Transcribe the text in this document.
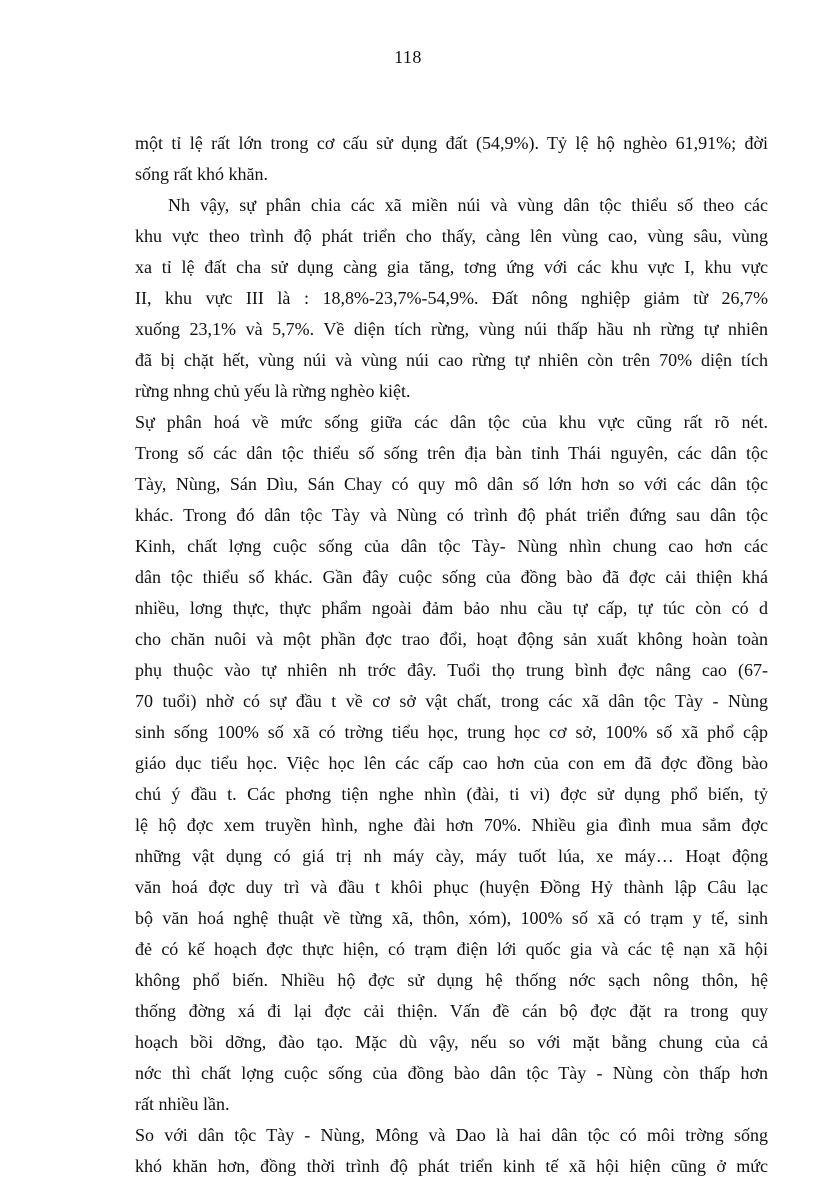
118
một tỉ lệ rất lớn trong cơ cấu sử dụng đất (54,9%). Tỷ lệ hộ nghèo 61,91%; đời
sống rất khó khăn.
Nh vậy, sự phân chia các xã miền núi và vùng dân tộc thiểu số theo các
khu vực theo trình độ phát triển cho thấy, càng lên vùng cao, vùng sâu, vùng
xa tỉ lệ đất cha sử dụng càng gia tăng, tơng ứng với các khu vực I, khu vực
II, khu vực III là : 18,8%-23,7%-54,9%. Đất nông nghiệp giảm từ 26,7%
xuống 23,1% và 5,7%. Về diện tích rừng, vùng núi thấp hầu nh rừng tự nhiên
đã bị chặt hết, vùng núi và vùng núi cao rừng tự nhiên còn trên 70% diện tích
rừng nhng chủ yếu là rừng nghèo kiệt.
Sự phân hoá về mức sống giữa các dân tộc của khu vực cũng rất rõ nét.
Trong số các dân tộc thiểu số sống trên địa bàn tỉnh Thái nguyên, các dân tộc
Tày, Nùng, Sán Dìu, Sán Chay có quy mô dân số lớn hơn so với các dân tộc
khác. Trong đó dân tộc Tày và Nùng có trình độ phát triển đứng sau dân tộc
Kinh, chất lợng cuộc sống của dân tộc Tày- Nùng nhìn chung cao hơn các
dân tộc thiểu số khác. Gần đây cuộc sống của đồng bào đã đợc cải thiện khá
nhiều, lơng thực, thực phẩm ngoài đảm bảo nhu cầu tự cấp, tự túc còn có d
cho chăn nuôi và một phần đợc trao đổi, hoạt động sản xuất không hoàn toàn
phụ thuộc vào tự nhiên nh trớc đây. Tuổi thọ trung bình đợc nâng cao (67-
70 tuổi) nhờ có sự đầu t về cơ sở vật chất, trong các xã dân tộc Tày - Nùng
sinh sống 100% số xã có trờng tiểu học, trung học cơ sở, 100% số xã phổ cập
giáo dục tiểu học. Việc học lên các cấp cao hơn của con em đã đợc đồng bào
chú ý đầu t. Các phơng tiện nghe nhìn (đài, ti vi) đợc sử dụng phổ biến, tỷ
lệ hộ đợc xem truyền hình, nghe đài hơn 70%. Nhiều gia đình mua sắm đợc
những vật dụng có giá trị nh máy cày, máy tuốt lúa, xe máy… Hoạt động
văn hoá đợc duy trì và đầu t khôi phục (huyện Đồng Hỷ thành lập Câu lạc
bộ văn hoá nghệ thuật về từng xã, thôn, xóm), 100% số xã có trạm y tế, sinh
đẻ có kế hoạch đợc thực hiện, có trạm điện lới quốc gia và các tệ nạn xã hội
không phổ biến. Nhiều hộ đợc sử dụng hệ thống nớc sạch nông thôn, hệ
thống đờng xá đi lại đợc cải thiện. Vấn đề cán bộ đợc đặt ra trong quy
hoạch bồi dỡng, đào tạo. Mặc dù vậy, nếu so với mặt bằng chung của cả
nớc thì chất lợng cuộc sống của đồng bào dân tộc Tày - Nùng còn thấp hơn
rất nhiều lần.
So với dân tộc Tày - Nùng, Mông và Dao là hai dân tộc có môi trờng sống
khó khăn hơn, đồng thời trình độ phát triển kinh tế xã hội hiện cũng ở mức
